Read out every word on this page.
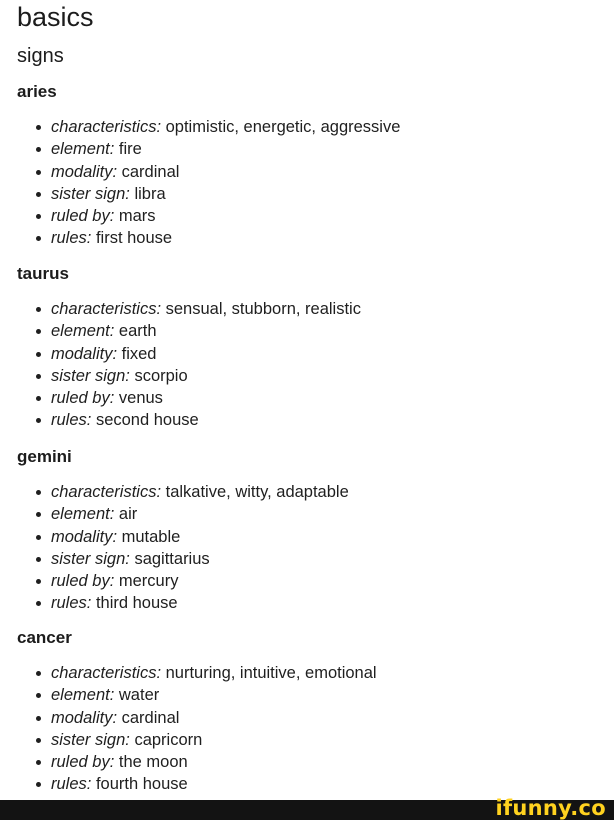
basics
signs
aries
characteristics: optimistic, energetic, aggressive
element: fire
modality: cardinal
sister sign: libra
ruled by: mars
rules: first house
taurus
characteristics: sensual, stubborn, realistic
element: earth
modality: fixed
sister sign: scorpio
ruled by: venus
rules: second house
gemini
characteristics: talkative, witty, adaptable
element: air
modality: mutable
sister sign: sagittarius
ruled by: mercury
rules: third house
cancer
characteristics: nurturing, intuitive, emotional
element: water
modality: cardinal
sister sign: capricorn
ruled by: the moon
rules: fourth house
ifunny.co
